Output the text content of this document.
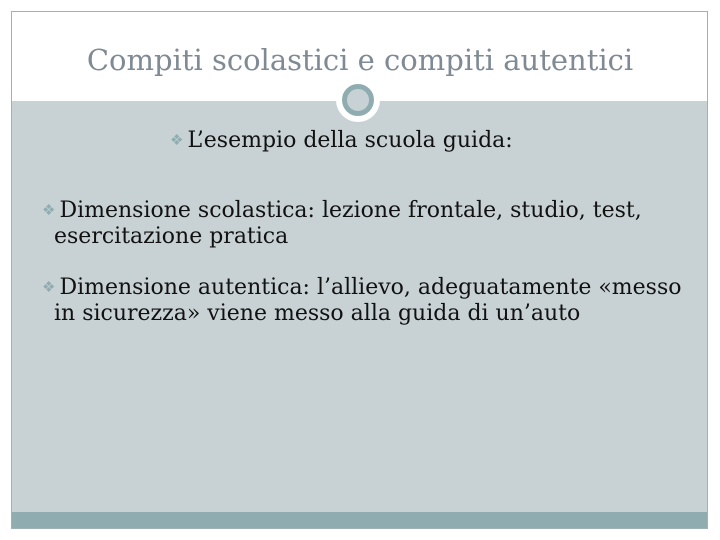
Compiti scolastici e compiti autentici
❖ L’esempio della scuola guida:
❖ Dimensione scolastica: lezione frontale, studio, test, esercitazione pratica
❖ Dimensione autentica: l’allievo, adeguatamente «messo in sicurezza» viene messo alla guida di un’auto
